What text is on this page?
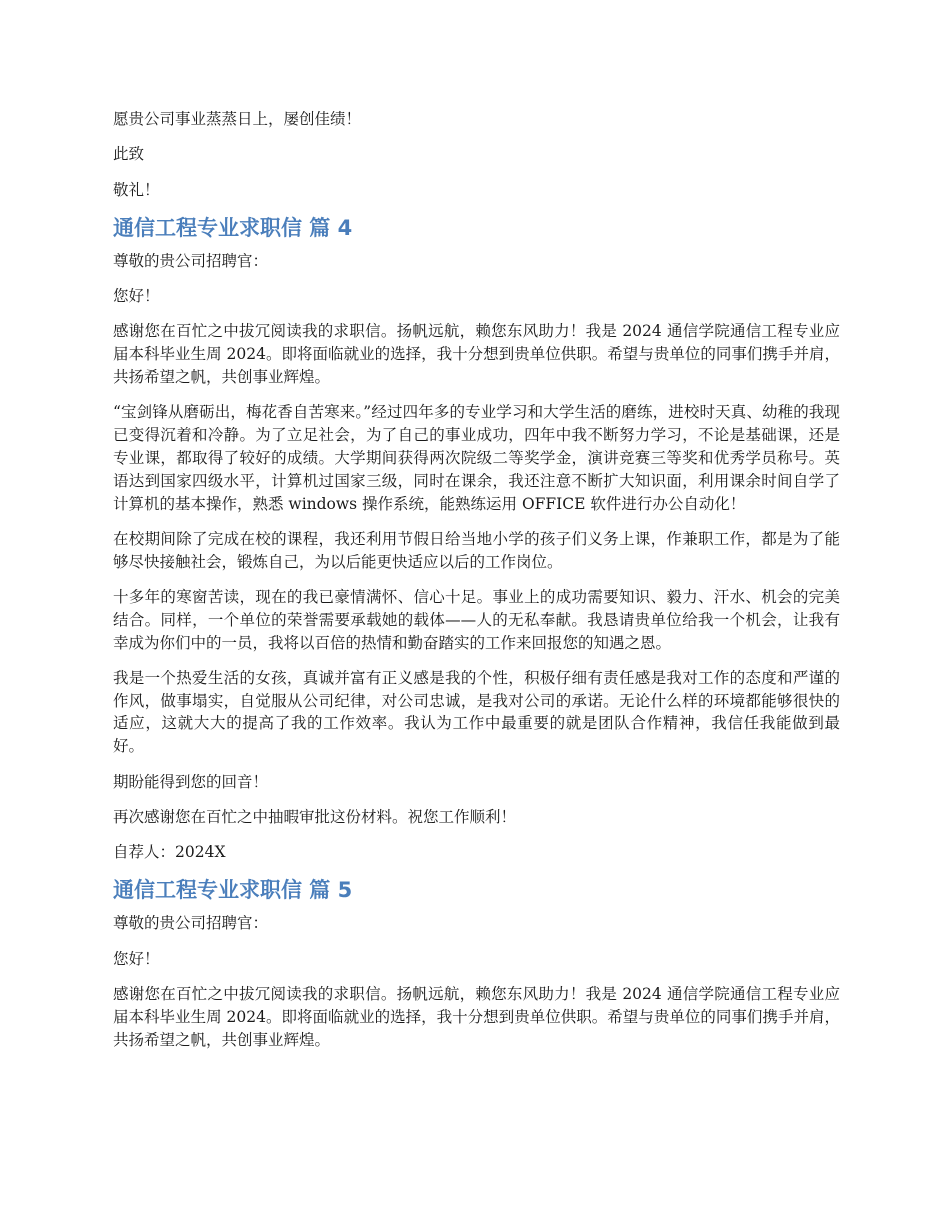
愿贵公司事业蒸蒸日上，屡创佳绩！

此致

敬礼！

通信工程专业求职信 篇 4

尊敬的贵公司招聘官：

您好！

感谢您在百忙之中拔冗阅读我的求职信。扬帆远航，赖您东风助力！我是 2024 通信学院通信工程专业应届本科毕业生周 2024。即将面临就业的选择，我十分想到贵单位供职。希望与贵单位的同事们携手并肩，共扬希望之帆，共创事业辉煌。

“宝剑锋从磨砺出，梅花香自苦寒来。”经过四年多的专业学习和大学生活的磨练，进校时天真、幼稚的我现已变得沉着和冷静。为了立足社会，为了自己的事业成功，四年中我不断努力学习，不论是基础课，还是专业课，都取得了较好的成绩。大学期间获得两次院级二等奖学金，演讲竞赛三等奖和优秀学员称号。英语达到国家四级水平，计算机过国家三级，同时在课余，我还注意不断扩大知识面，利用课余时间自学了计算机的基本操作，熟悉 windows 操作系统，能熟练运用 OFFICE 软件进行办公自动化！

在校期间除了完成在校的课程，我还利用节假日给当地小学的孩子们义务上课，作兼职工作，都是为了能够尽快接触社会，锻炼自己，为以后能更快适应以后的工作岗位。

十多年的寒窗苦读，现在的我已豪情满怀、信心十足。事业上的成功需要知识、毅力、汗水、机会的完美结合。同样，一个单位的荣誉需要承载她的载体——人的无私奉献。我恳请贵单位给我一个机会，让我有幸成为你们中的一员，我将以百倍的热情和勤奋踏实的工作来回报您的知遇之恩。

我是一个热爱生活的女孩，真诚并富有正义感是我的个性，积极仔细有责任感是我对工作的态度和严谨的作风，做事塌实，自觉服从公司纪律，对公司忠诚，是我对公司的承诺。无论什么样的环境都能够很快的适应，这就大大的提高了我的工作效率。我认为工作中最重要的就是团队合作精神，我信任我能做到最好。

期盼能得到您的回音！

再次感谢您在百忙之中抽暇审批这份材料。祝您工作顺利！

自荐人：2024X

通信工程专业求职信 篇 5

尊敬的贵公司招聘官：

您好！

感谢您在百忙之中拔冗阅读我的求职信。扬帆远航，赖您东风助力！我是 2024 通信学院通信工程专业应届本科毕业生周 2024。即将面临就业的选择，我十分想到贵单位供职。希望与贵单位的同事们携手并肩，共扬希望之帆，共创事业辉煌。
